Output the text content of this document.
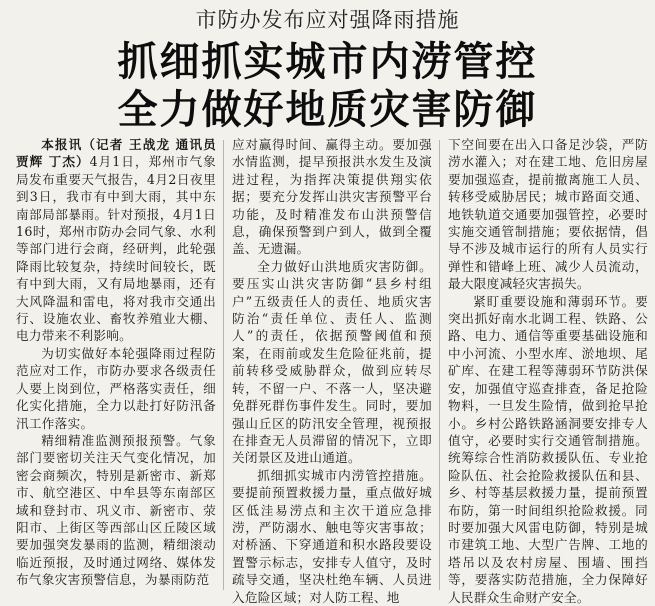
市防办发布应对强降雨措施
抓细抓实城市内涝管控
全力做好地质灾害防御

本报讯（记者 王战龙 通讯员 贾辉 丁杰）4月1日，郑州市气象局发布重要天气报告，4月2日夜里到3日，我市有中到大雨，其中东南部局部暴雨。针对预报，4月1日16时，郑州市防办会同气象、水利等部门进行会商，经研判，此轮强降雨比较复杂，持续时间较长，既有中到大雨，又有局地暴雨，还有大风降温和雷电，将对我市交通出行、设施农业、畜牧养殖业大棚、电力带来不利影响。

为切实做好本轮强降雨过程防范应对工作，市防办要求各级责任人要上岗到位，严格落实责任，细化实化措施，全力以赴打好防汛备汛工作落实。

精细精准监测预报预警。气象部门要密切关注天气变化情况，加密会商频次，特别是新密市、新郑市、航空港区、中牟县等东南部区域和登封市、巩义市、新密市、荥阳市、上街区等西部山区丘陵区域要加强突发暴雨的监测，精细滚动临近预报，及时通过网络、媒体发布气象灾害预警信息，为暴雨防范

应对赢得时间、赢得主动。要加强水情监测，提早预报洪水发生及演进过程，为指挥决策提供翔实依据；要充分发挥山洪灾害预警平台功能，及时精准发布山洪预警信息，确保预警到户到人，做到全覆盖、无遗漏。

全力做好山洪地质灾害防御。要压实山洪灾害防御“县乡村组户”五级责任人的责任、地质灾害防治“责任单位、责任人、监测人”的责任，依据预警阈值和预案，在雨前或发生危险征兆前，提前转移受威胁群众，做到应转尽转，不留一户、不落一人，坚决避免群死群伤事件发生。同时，要加强山丘区的防汛安全管理，视预报在排查无人员滞留的情况下，立即关闭景区及进山通道。

抓细抓实城市内涝管控措施。要提前预置救援力量，重点做好城区低洼易涝点和主次干道应急排涝，严防溺水、触电等灾害事故；对桥涵、下穿通道和积水路段要设置警示标志，安排专人值守，及时疏导交通，坚决杜绝车辆、人员进入危险区域；对人防工程、地

下空间要在出入口备足沙袋，严防涝水灌入；对在建工地、危旧房屋要加强巡查，提前撤离施工人员、转移受威胁居民；城市路面交通、地铁轨道交通要加强管控，必要时实施交通管制措施；要依据情，倡导不涉及城市运行的所有人员实行弹性和错峰上班、减少人员流动，最大限度减轻灾害损失。

紧盯重要设施和薄弱环节。要突出抓好南水北调工程、铁路、公路、电力、通信等重要基础设施和中小河流、小型水库、淤地坝、尾矿库、在建工程等薄弱环节防洪保安，加强值守巡查排查，备足抢险物料，一旦发生险情，做到抢早抢小。乡村公路铁路涵洞要安排专人值守，必要时实行交通管制措施。统筹综合性消防救援队伍、专业抢险队伍、社会抢险救援队伍和县、乡、村等基层救援力量，提前预置布防，第一时间组织抢险救援。同时要加强大风雷电防御，特别是城市建筑工地、大型广告牌、工地的塔吊以及农村房屋、围墙、围挡等，要落实防范措施，全力保障好人民群众生命财产安全。
